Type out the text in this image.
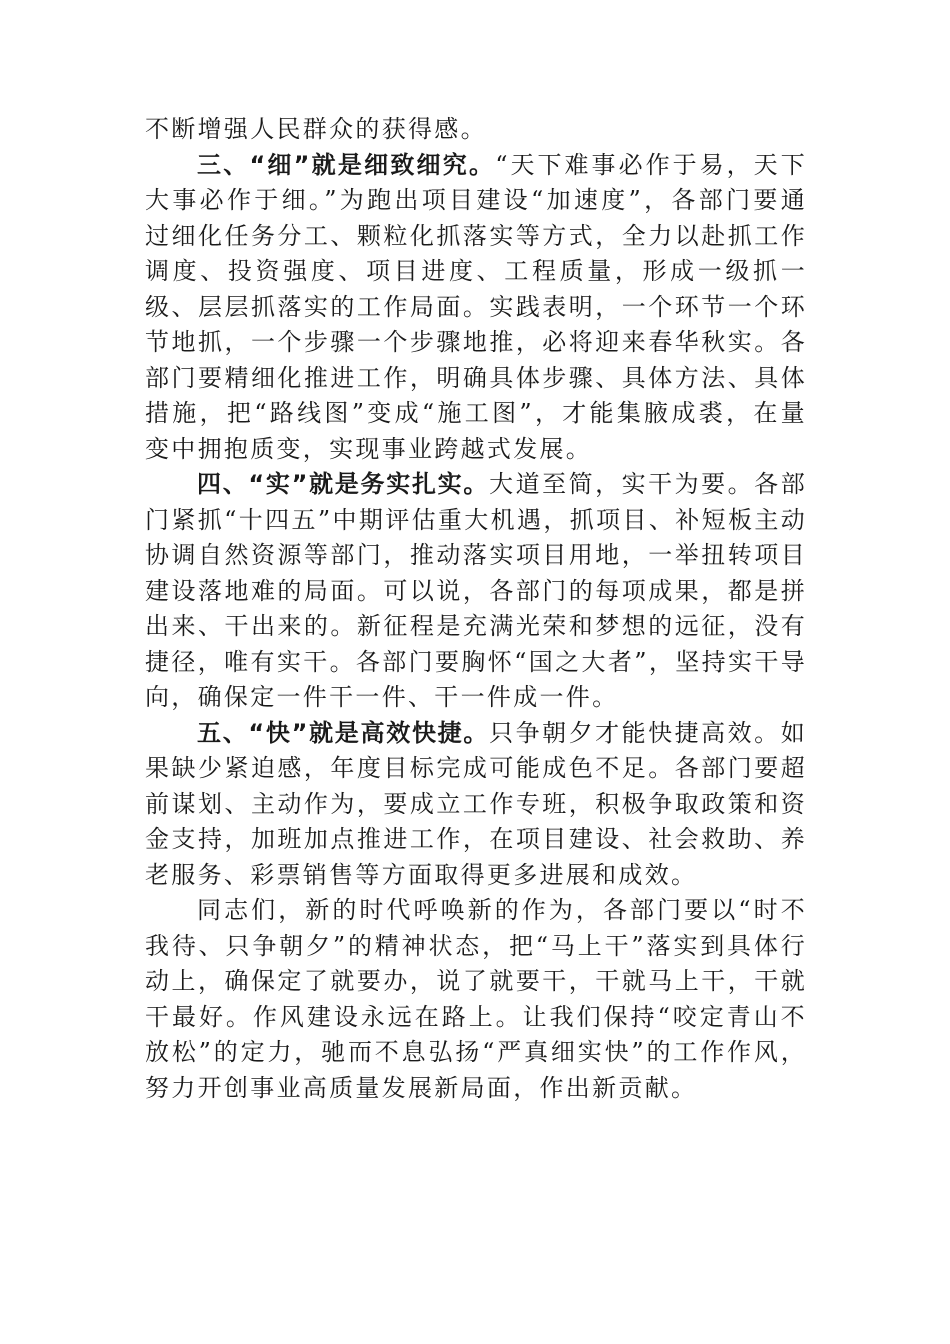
不断增强人民群众的获得感。

三、“细”就是细致细究。“天下难事必作于易，天下大事必作于细。”为跑出项目建设“加速度”，各部门要通过细化任务分工、颗粒化抓落实等方式，全力以赴抓工作调度、投资强度、项目进度、工程质量，形成一级抓一级、层层抓落实的工作局面。实践表明，一个环节一个环节地抓，一个步骤一个步骤地推，必将迎来春华秋实。各部门要精细化推进工作，明确具体步骤、具体方法、具体措施，把“路线图”变成“施工图”，才能集腋成裘，在量变中拥抱质变，实现事业跨越式发展。

四、“实”就是务实扎实。大道至简，实干为要。各部门紧抓“十四五”中期评估重大机遇，抓项目、补短板主动协调自然资源等部门，推动落实项目用地，一举扭转项目建设落地难的局面。可以说，各部门的每项成果，都是拼出来、干出来的。新征程是充满光荣和梦想的远征，没有捷径，唯有实干。各部门要胸怀“国之大者”，坚持实干导向，确保定一件干一件、干一件成一件。

五、“快”就是高效快捷。只争朝夕才能快捷高效。如果缺少紧迫感，年度目标完成可能成色不足。各部门要超前谋划、主动作为，要成立工作专班，积极争取政策和资金支持，加班加点推进工作，在项目建设、社会救助、养老服务、彩票销售等方面取得更多进展和成效。

同志们，新的时代呼唤新的作为，各部门要以“时不我待、只争朝夕”的精神状态，把“马上干”落实到具体行动上，确保定了就要办，说了就要干，干就马上干，干就干最好。作风建设永远在路上。让我们保持“咬定青山不放松”的定力，驰而不息弘扬“严真细实快”的工作作风，努力开创事业高质量发展新局面，作出新贡献。
